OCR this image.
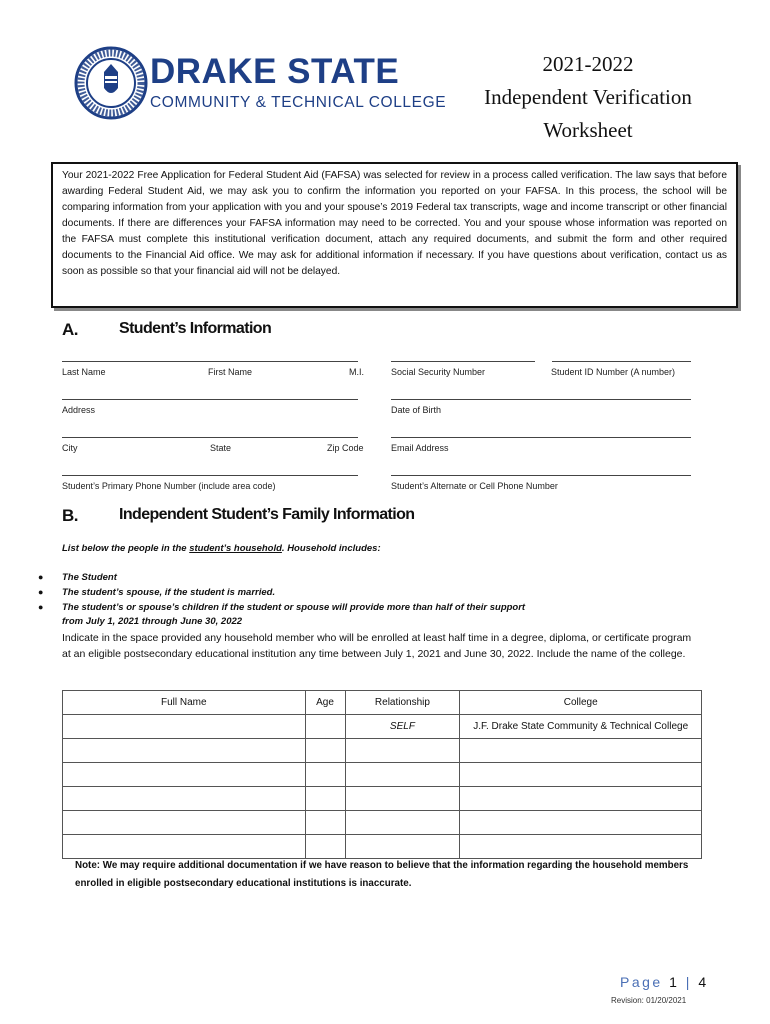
DRAKE STATE
COMMUNITY & TECHNICAL COLLEGE
2021-2022
Independent Verification
Worksheet
Your 2021-2022 Free Application for Federal Student Aid (FAFSA) was selected for review in a process called verification. The law says that before awarding Federal Student Aid, we may ask you to confirm the information you reported on your FAFSA. In this process, the school will be comparing information from your application with you and your spouse’s 2019 Federal tax transcripts, wage and income transcript or other financial documents. If there are differences your FAFSA information may need to be corrected. You and your spouse whose information was reported on the FAFSA must complete this institutional verification document, attach any required documents, and submit the form and other required documents to the Financial Aid office. We may ask for additional information if necessary. If you have questions about verification, contact us as soon as possible so that your financial aid will not be delayed.
A.	Student’s Information
Last Name	First Name	M.I.	Social Security Number	Student ID Number (A number)
Address	Date of Birth
City	State	Zip Code	Email Address
Student’s Primary Phone Number (include area code)	Student’s Alternate or Cell Phone Number
B.	Independent Student’s Family Information
List below the people in the student’s household. Household includes:
● The Student
● The student’s spouse, if the student is married.
● The student’s or spouse’s children if the student or spouse will provide more than half of their support
from July 1, 2021 through June 30, 2022
Indicate in the space provided any household member who will be enrolled at least half time in a degree, diploma, or certificate program at an eligible postsecondary educational institution any time between July 1, 2021 and June 30, 2022. Include the name of the college.
Full Name	Age	Relationship	College
		SELF	J.F. Drake State Community & Technical College

Note: We may require additional documentation if we have reason to believe that the information regarding the household members enrolled in eligible postsecondary educational institutions is inaccurate.
Page 1 | 4
Revision: 01/20/2021
